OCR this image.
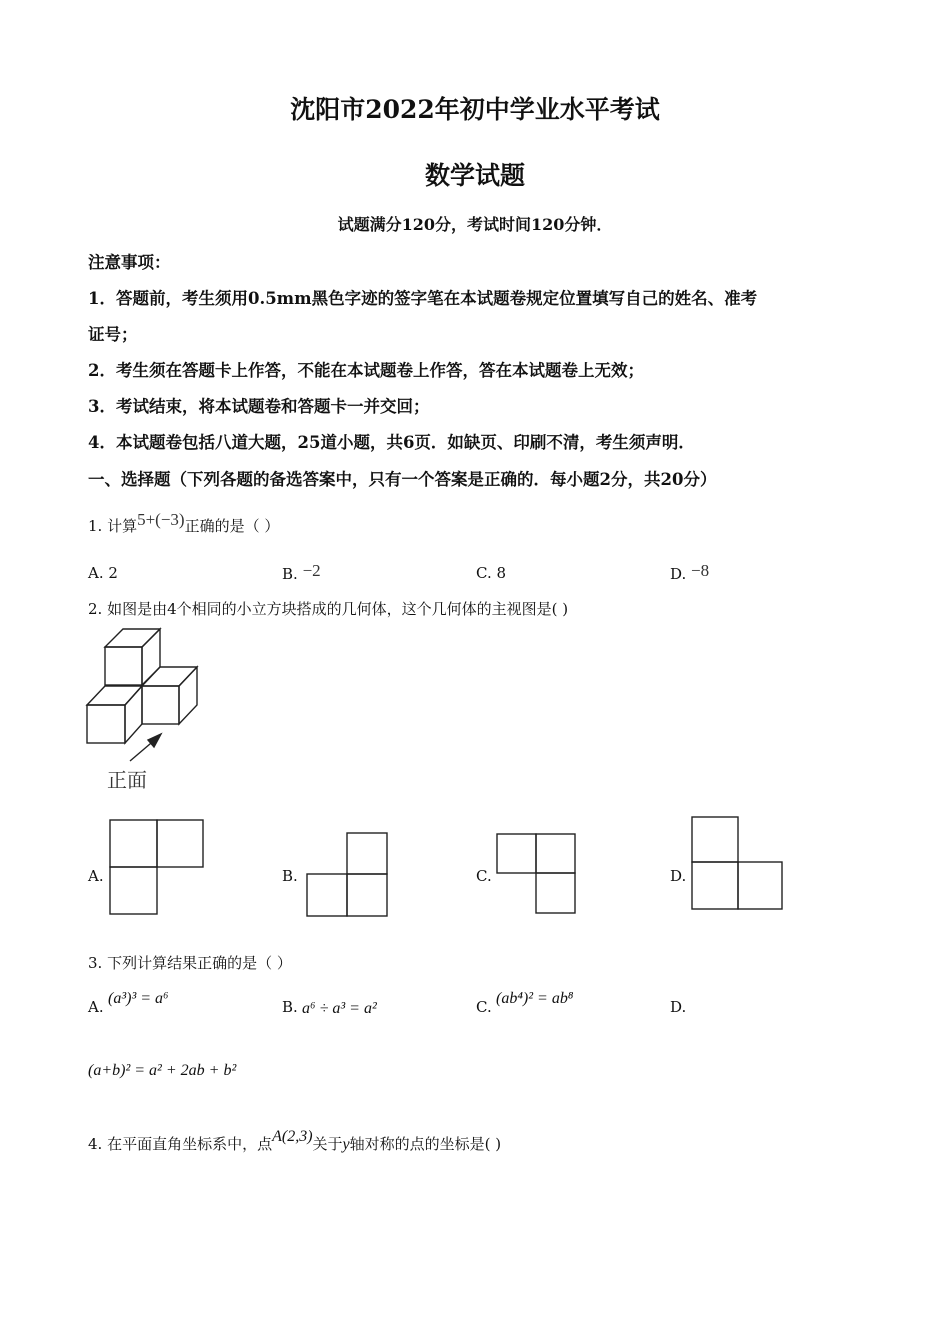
沈阳市2022年初中学业水平考试
数学试题
试题满分120分，考试时间120分钟．
注意事项：
1．答题前，考生须用0.5mm黑色字迹的签字笔在本试题卷规定位置填写自己的姓名、准考
证号；
2．考生须在答题卡上作答，不能在本试题卷上作答，答在本试题卷上无效；
3．考试结束，将本试题卷和答题卡一并交回；
4．本试题卷包括八道大题，25道小题，共6页．如缺页、印刷不清，考生须声明．
一、选择题（下列各题的备选答案中，只有一个答案是正确的．每小题2分，共20分）
1. 计算5+(−3)正确的是（ ）
A. 2	B. −2	C. 8	D. −8
2. 如图是由4个相同的小立方块搭成的几何体，这个几何体的主视图是( )
正面
A.	B.	C.	D.
3. 下列计算结果正确的是（ ）
A. (a³)³ = a⁶	B. a⁶ ÷ a³ = a²	C. (ab⁴)² = ab⁸	D.
(a+b)² = a² + 2ab + b²
4. 在平面直角坐标系中，点A(2,3)关于y轴对称的点的坐标是( )
